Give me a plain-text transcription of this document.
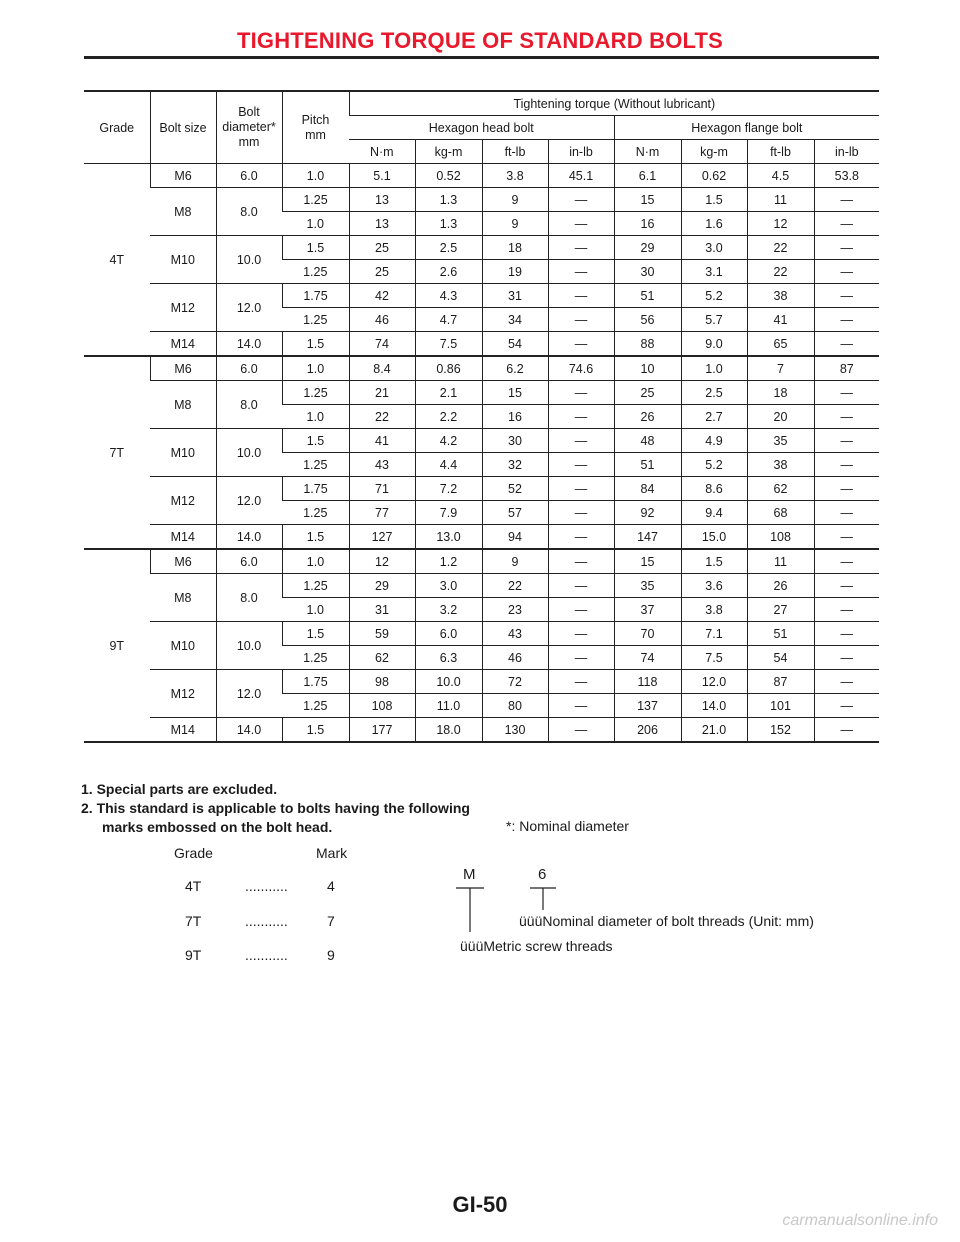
TIGHTENING TORQUE OF STANDARD BOLTS
Grade	Bolt size	Bolt
diameter*
mm	Pitch
mm	Tightening torque (Without lubricant)							
				Hexagon head bolt				Hexagon flange bolt			
				N·m	kg-m	ft-lb	in-lb	N·m	kg-m	ft-lb	in-lb
4T	M6	6.0	1.0	5.1	0.52	3.8	45.1	6.1	0.62	4.5	53.8
	M8	8.0	1.25	13	1.3	9	—	15	1.5	11	—
			1.0	13	1.3	9	—	16	1.6	12	—
	M10	10.0	1.5	25	2.5	18	—	29	3.0	22	—
			1.25	25	2.6	19	—	30	3.1	22	—
	M12	12.0	1.75	42	4.3	31	—	51	5.2	38	—
			1.25	46	4.7	34	—	56	5.7	41	—
	M14	14.0	1.5	74	7.5	54	—	88	9.0	65	—
7T	M6	6.0	1.0	8.4	0.86	6.2	74.6	10	1.0	7	87
	M8	8.0	1.25	21	2.1	15	—	25	2.5	18	—
			1.0	22	2.2	16	—	26	2.7	20	—
	M10	10.0	1.5	41	4.2	30	—	48	4.9	35	—
			1.25	43	4.4	32	—	51	5.2	38	—
	M12	12.0	1.75	71	7.2	52	—	84	8.6	62	—
			1.25	77	7.9	57	—	92	9.4	68	—
	M14	14.0	1.5	127	13.0	94	—	147	15.0	108	—
9T	M6	6.0	1.0	12	1.2	9	—	15	1.5	11	—
	M8	8.0	1.25	29	3.0	22	—	35	3.6	26	—
			1.0	31	3.2	23	—	37	3.8	27	—
	M10	10.0	1.5	59	6.0	43	—	70	7.1	51	—
			1.25	62	6.3	46	—	74	7.5	54	—
	M12	12.0	1.75	98	10.0	72	—	118	12.0	87	—
			1.25	108	11.0	80	—	137	14.0	101	—
	M14	14.0	1.5	177	18.0	130	—	206	21.0	152	—
1. Special parts are excluded.
2. This standard is applicable to bolts having the following
marks embossed on the bolt head.	*: Nominal diameter
Grade	Mark
4T	...........	4
7T	...........	7
9T	...........	9
M	6
üüüNominal diameter of bolt threads (Unit: mm)
üüüMetric screw threads
GI-50
carmanualsonline.info
